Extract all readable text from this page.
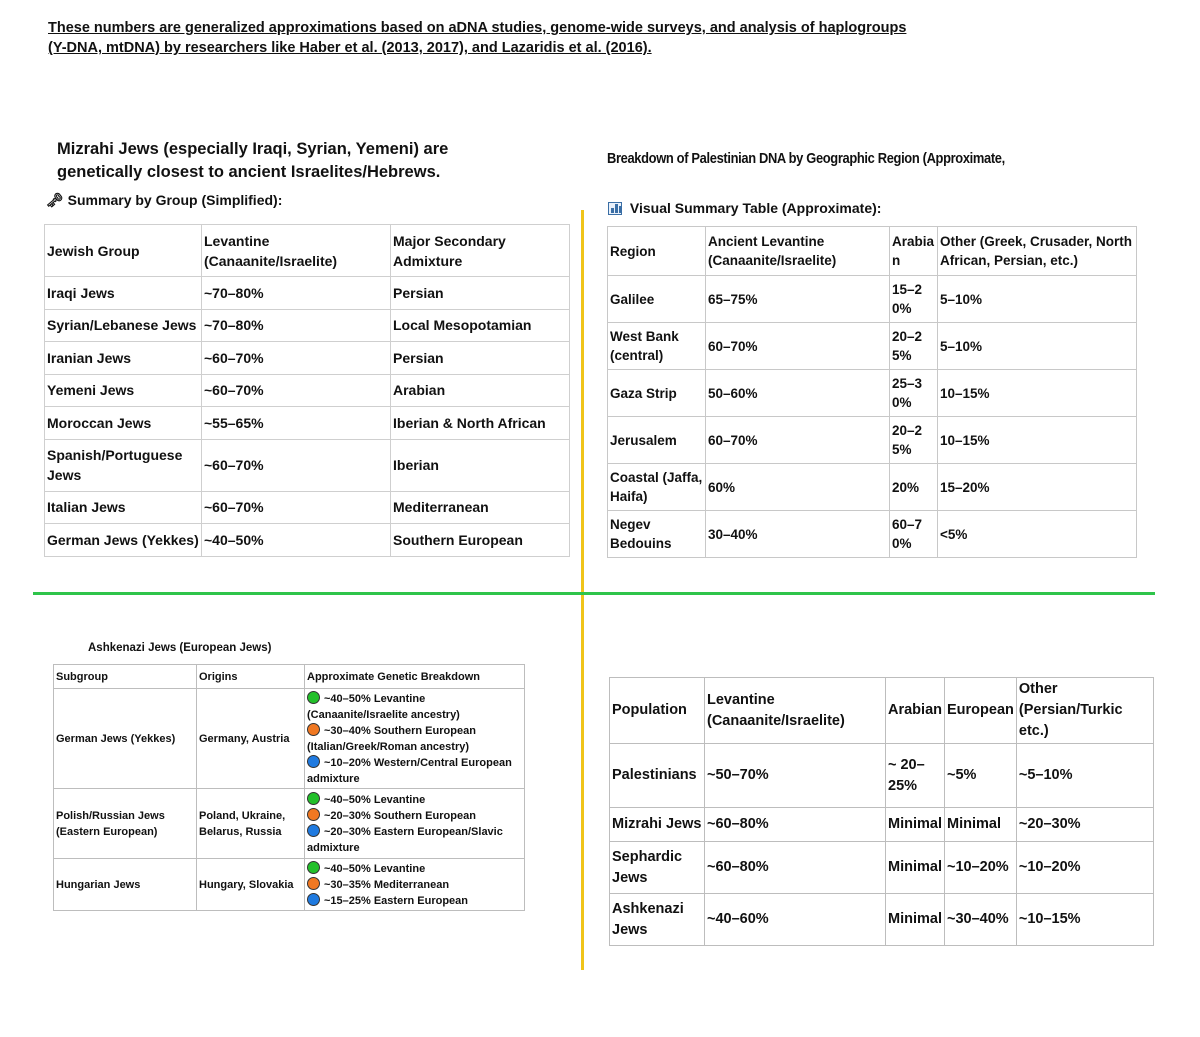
These numbers are generalized approximations based on aDNA studies, genome-wide surveys, and analysis of haplogroups (Y-DNA, mtDNA) by researchers like Haber et al. (2013, 2017), and Lazaridis et al. (2016).
Mizrahi Jews (especially Iraqi, Syrian, Yemeni) are genetically closest to ancient Israelites/Hebrews.
🗝 Summary by Group (Simplified):
Jewish Group	Levantine (Canaanite/Israelite)	Major Secondary Admixture
Iraqi Jews	~70–80%	Persian
Syrian/Lebanese Jews	~70–80%	Local Mesopotamian
Iranian Jews	~60–70%	Persian
Yemeni Jews	~60–70%	Arabian
Moroccan Jews	~55–65%	Iberian & North African
Spanish/Portuguese Jews	~60–70%	Iberian
Italian Jews	~60–70%	Mediterranean
German Jews (Yekkes)	~40–50%	Southern European
Breakdown of Palestinian DNA by Geographic Region (Approximate,
Visual Summary Table (Approximate):
Region	Ancient Levantine (Canaanite/Israelite)	Arabian	Other (Greek, Crusader, North African, Persian, etc.)
Galilee	65–75%	15–20%	5–10%
West Bank (central)	60–70%	20–25%	5–10%
Gaza Strip	50–60%	25–30%	10–15%
Jerusalem	60–70%	20–25%	10–15%
Coastal (Jaffa, Haifa)	60%	20%	15–20%
Negev Bedouins	30–40%	60–70%	<5%
Ashkenazi Jews (European Jews)
Subgroup	Origins	Approximate Genetic Breakdown
German Jews (Yekkes)	Germany, Austria	~40–50% Levantine (Canaanite/Israelite ancestry)
~30–40% Southern European (Italian/Greek/Roman ancestry)
~10–20% Western/Central European admixture

Polish/Russian Jews (Eastern European)	Poland, Ukraine, Belarus, Russia	~40–50% Levantine
~20–30% Southern European
~20–30% Eastern European/Slavic admixture

Hungarian Jews	Hungary, Slovakia	~40–50% Levantine
~30–35% Mediterranean
~15–25% Eastern European
Population	Levantine (Canaanite/Israelite)	Arabian	European	Other (Persian/Turkic etc.)
Palestinians	~50–70%	~ 20–25%	~5%	~5–10%
Mizrahi Jews	~60–80%	Minimal	Minimal	~20–30%
Sephardic Jews	~60–80%	Minimal	~10–20%	~10–20%
Ashkenazi Jews	~40–60%	Minimal	~30–40%	~10–15%
